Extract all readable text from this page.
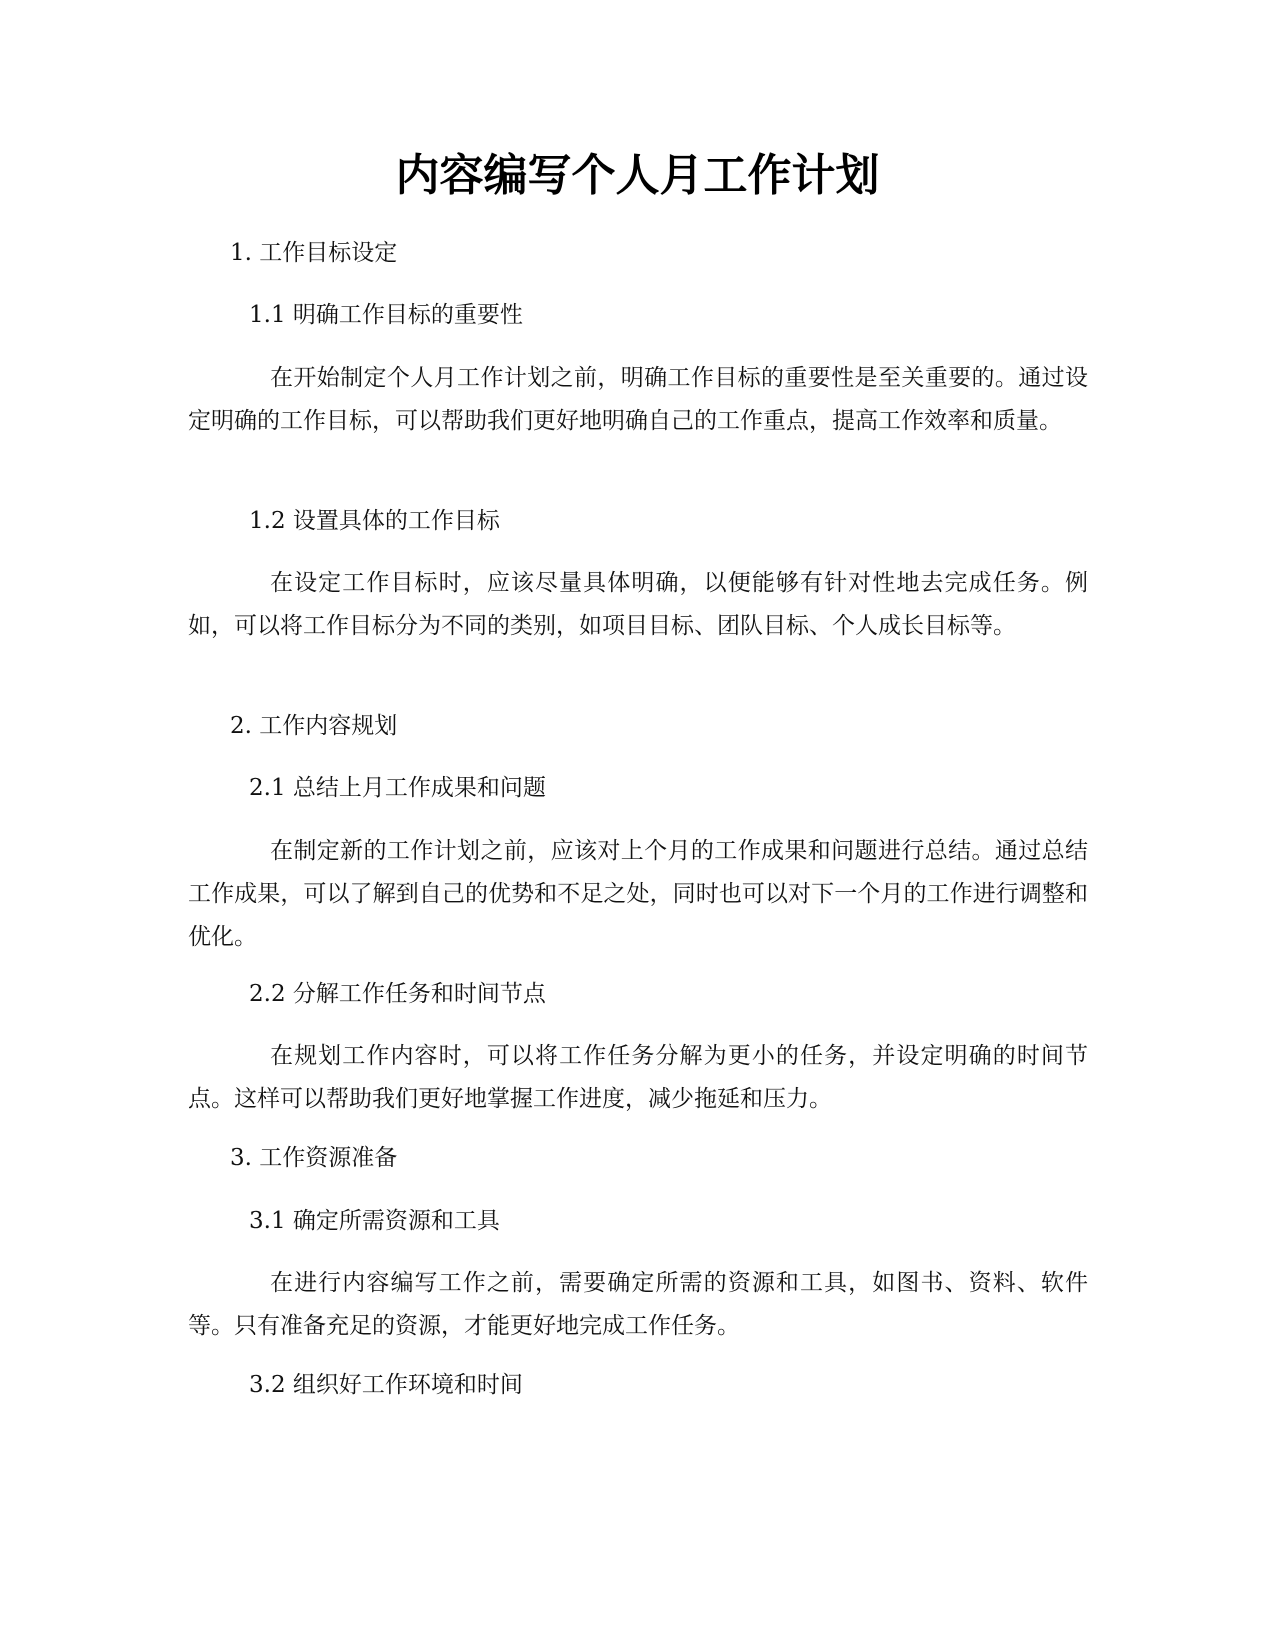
内容编写个人月工作计划
1. 工作目标设定
1.1 明确工作目标的重要性
在开始制定个人月工作计划之前，明确工作目标的重要性是至关重要的。通过设定明确的工作目标，可以帮助我们更好地明确自己的工作重点，提高工作效率和质量。
1.2 设置具体的工作目标
在设定工作目标时，应该尽量具体明确，以便能够有针对性地去完成任务。例如，可以将工作目标分为不同的类别，如项目目标、团队目标、个人成长目标等。
2. 工作内容规划
2.1 总结上月工作成果和问题
在制定新的工作计划之前，应该对上个月的工作成果和问题进行总结。通过总结工作成果，可以了解到自己的优势和不足之处，同时也可以对下一个月的工作进行调整和优化。
2.2 分解工作任务和时间节点
在规划工作内容时，可以将工作任务分解为更小的任务，并设定明确的时间节点。这样可以帮助我们更好地掌握工作进度，减少拖延和压力。
3. 工作资源准备
3.1 确定所需资源和工具
在进行内容编写工作之前，需要确定所需的资源和工具，如图书、资料、软件等。只有准备充足的资源，才能更好地完成工作任务。
3.2 组织好工作环境和时间
